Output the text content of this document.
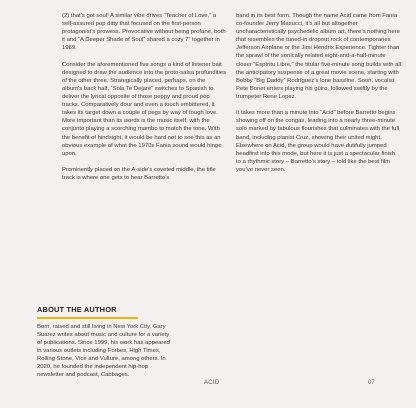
(2) that’s got soul! A similar vibe drives “Teacher of Love,” a self-assured pop ditty that focused on the first-person protagonist’s prowess. Provocative without being profane, both it and “A Deeper Shade of Soul” shared a cozy 7” together in 1969.

Consider the aforementioned five songs a kind of listener bait designed to draw the audience into the proto-salsa profundities of the other three. Strategically placed, perhaps, on the album’s back half, “Sola Te Dejaré” switches to Spanish to deliver the lyrical opposite of those peppy and proud pop tracks. Comparatively dour and even a touch embittered, it takes its target down a couple of pegs by way of tough love. More important than its words is the music itself, with the conjunto playing a scorching mambo to match the tone. With the benefit of hindsight, it would be hard not to see this as an obvious example of what the 1970s Fania sound would hinge upon.

Prominently placed on the A-side’s coveted middle, the title track is where one gets to hear Barretto’s

band in its best form. Though the name Acid came from Fania co-founder Jerry Masucci, it’s all but altogether uncharacteristically psychedelic album art, there’s nothing here that resembles the tuned-in dropout rock of contemporaries Jefferson Airplane or the Jimi Hendrix Experience. Tighter than the sprawl of the sonically related eight-and-a-half-minute closer “Espíritu Libre,” the titular five-minute song builds with all the anticipatory suspense of a great movie scene, starting with Bobby “Big Daddy” Rodríguez’s lone bassline. Soon, vocalist Pete Bonet enters playing his güiro, followed swiftly by the trumpeter Rene Lopez.

It takes more than a minute into “Acid” before Barretto begins showing off on the congas, leading into a nearly three-minute solo marked by fabulous flourishes that culminates with the full band, including pianist Cruz, showing their united might. Elsewhere on Acid, the group would have dutifully jumped headfirst into this mode, but here it is just a spectacular finish to a rhythmic story – Barretto’s story – told like the best film you’ve never seen.

ABOUT THE AUTHOR

Born, raised and still living in New York City, Gary Suarez writes about music and culture for a variety of publications. Since 1999, his work has appeared in various outlets including Forbes, High Times, Rolling Stone, Vice and Vulture, among others. In 2020, he founded the independent hip-hop newsletter and podcast, Cabbages.

ACID	07
